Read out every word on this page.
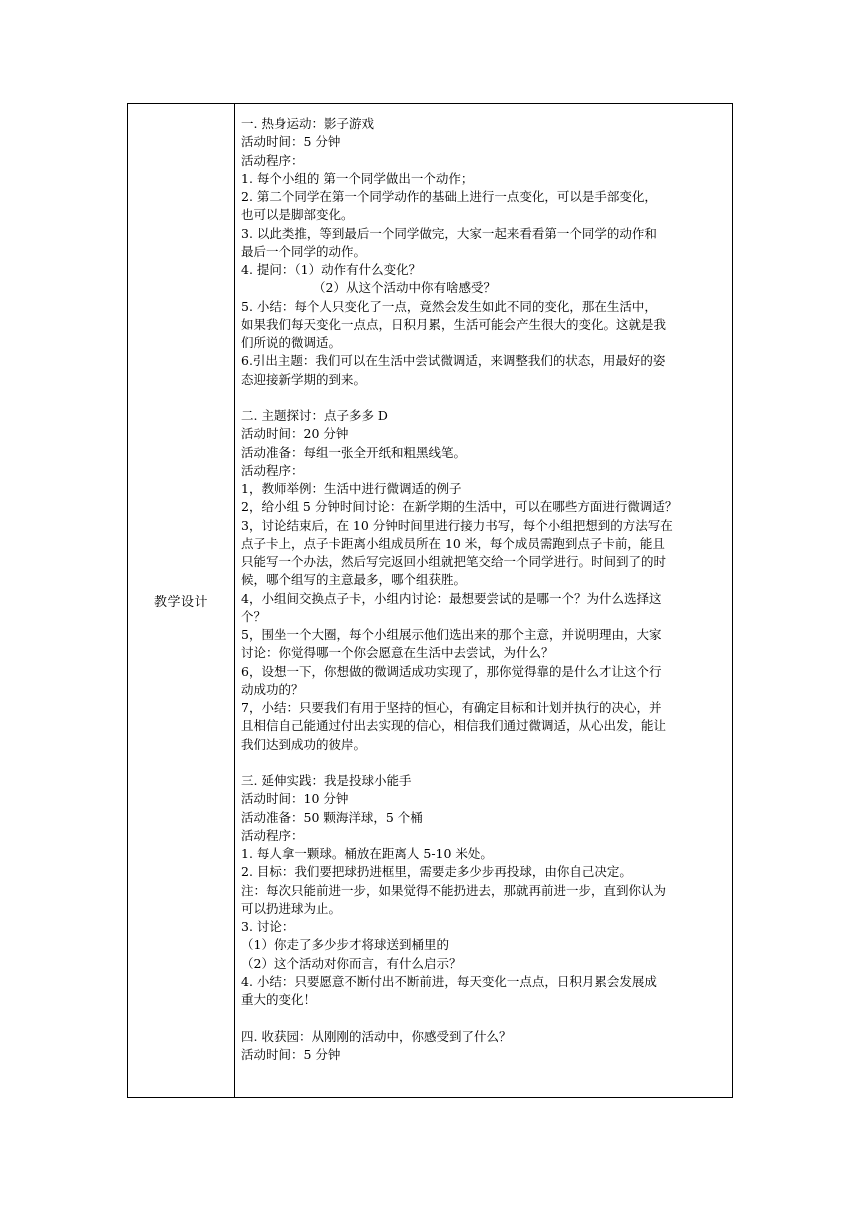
教学设计	
一. 热身运动：影子游戏
活动时间：5 分钟
活动程序：
1. 每个小组的 第一个同学做出一个动作；
2. 第二个同学在第一个同学动作的基础上进行一点变化，可以是手部变化，
也可以是脚部变化。
3. 以此类推，等到最后一个同学做完，大家一起来看看第一个同学的动作和
最后一个同学的动作。
4. 提问：（1）动作有什么变化？
（2）从这个活动中你有啥感受？
5. 小结：每个人只变化了一点，竟然会发生如此不同的变化，那在生活中，
如果我们每天变化一点点，日积月累，生活可能会产生很大的变化。这就是我
们所说的微调适。
6.引出主题：我们可以在生活中尝试微调适，来调整我们的状态，用最好的姿
态迎接新学期的到来。
二. 主题探讨：点子多多 D
活动时间：20 分钟
活动准备：每组一张全开纸和粗黑线笔。
活动程序：
1，教师举例：生活中进行微调适的例子
2，给小组 5 分钟时间讨论：在新学期的生活中，可以在哪些方面进行微调适？
3，讨论结束后，在 10 分钟时间里进行接力书写，每个小组把想到的方法写在
点子卡上，点子卡距离小组成员所在 10 米，每个成员需跑到点子卡前，能且
只能写一个办法，然后写完返回小组就把笔交给一个同学进行。时间到了的时
候，哪个组写的主意最多，哪个组获胜。
4，小组间交换点子卡，小组内讨论：最想要尝试的是哪一个？为什么选择这
个？
5，围坐一个大圈，每个小组展示他们选出来的那个主意，并说明理由，大家
讨论：你觉得哪一个你会愿意在生活中去尝试，为什么？
6，设想一下，你想做的微调适成功实现了，那你觉得靠的是什么才让这个行
动成功的？
7，小结：只要我们有用于坚持的恒心，有确定目标和计划并执行的决心，并
且相信自己能通过付出去实现的信心，相信我们通过微调适，从心出发，能让
我们达到成功的彼岸。
三. 延伸实践：我是投球小能手
活动时间：10 分钟
活动准备：50 颗海洋球，5 个桶
活动程序：
1. 每人拿一颗球。桶放在距离人 5-10 米处。
2. 目标：我们要把球扔进框里，需要走多少步再投球，由你自己决定。
注：每次只能前进一步，如果觉得不能扔进去，那就再前进一步，直到你认为
可以扔进球为止。
3. 讨论：
（1）你走了多少步才将球送到桶里的
（2）这个活动对你而言，有什么启示？
4. 小结：只要愿意不断付出不断前进，每天变化一点点，日积月累会发展成
重大的变化！
四. 收获园：从刚刚的活动中，你感受到了什么？
活动时间：5 分钟
